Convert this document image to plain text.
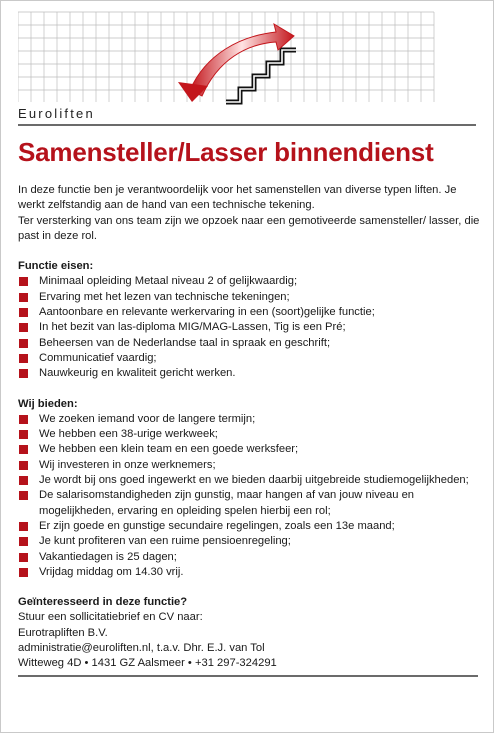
Euroliften
Samensteller/Lasser binnendienst

In deze functie ben je verantwoordelijk voor het samenstellen van diverse typen liften. Je werkt zelfstandig aan de hand van een technische tekening.

Ter versterking van ons team zijn we opzoek naar een gemotiveerde samensteller/ lasser, die past in deze rol.

Functie eisen:
Minimaal opleiding Metaal niveau 2 of gelijkwaardig;
Ervaring met het lezen van technische tekeningen;
Aantoonbare en relevante werkervaring in een (soort)gelijke functie;
In het bezit van las-diploma MIG/MAG-Lassen, Tig is een Pré;
Beheersen van de Nederlandse taal in spraak en geschrift;
Communicatief vaardig;
Nauwkeurig en kwaliteit gericht werken.
Wij bieden:
We zoeken iemand voor de langere termijn;
We hebben een 38-urige werkweek;
We hebben een klein team en een goede werksfeer;
Wij investeren in onze werknemers;
Je wordt bij ons goed ingewerkt en we bieden daarbij uitgebreide studiemogelijkheden;
De salarisomstandigheden zijn gunstig, maar hangen af van jouw niveau en mogelijkheden, ervaring en opleiding spelen hierbij een rol;
Er zijn goede en gunstige secundaire regelingen, zoals een 13e maand;
Je kunt profiteren van een ruime pensioenregeling;
Vakantiedagen is 25 dagen;
Vrijdag middag om 14.30 vrij.
Geïnteresseerd in deze functie?
Stuur een sollicitatiebrief en CV naar:
Eurotrapliften B.V.
administratie@euroliften.nl, t.a.v. Dhr. E.J. van Tol
Witteweg 4D • 1431 GZ Aalsmeer • +31 297-324291
